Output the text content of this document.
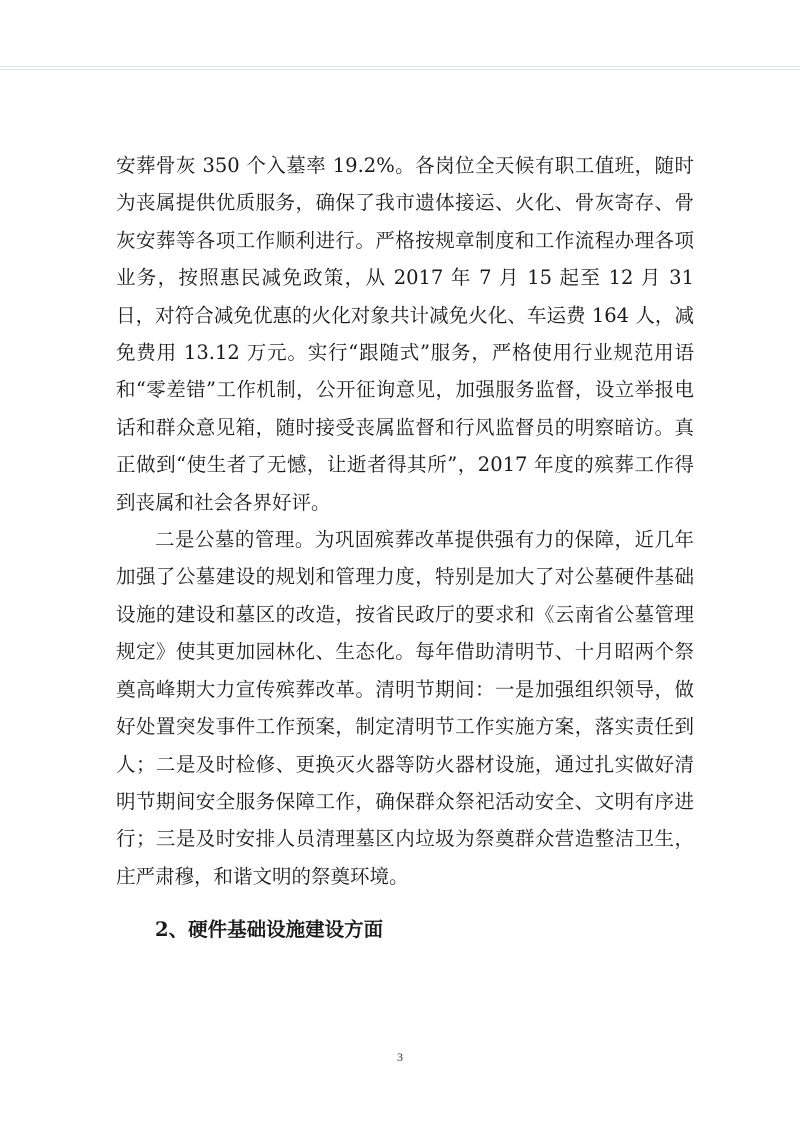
安葬骨灰 350 个入墓率 19.2%。各岗位全天候有职工值班，随时为丧属提供优质服务，确保了我市遗体接运、火化、骨灰寄存、骨灰安葬等各项工作顺利进行。严格按规章制度和工作流程办理各项业务，按照惠民减免政策，从 2017 年 7 月 15 起至 12 月 31 日，对符合减免优惠的火化对象共计减免火化、车运费 164 人，减免费用 13.12 万元。实行“跟随式”服务，严格使用行业规范用语和“零差错”工作机制，公开征询意见，加强服务监督，设立举报电话和群众意见箱，随时接受丧属监督和行风监督员的明察暗访。真正做到“使生者了无憾，让逝者得其所”，2017 年度的殡葬工作得到丧属和社会各界好评。

二是公墓的管理。为巩固殡葬改革提供强有力的保障，近几年加强了公墓建设的规划和管理力度，特别是加大了对公墓硬件基础设施的建设和墓区的改造，按省民政厅的要求和《云南省公墓管理规定》使其更加园林化、生态化。每年借助清明节、十月昭两个祭奠高峰期大力宣传殡葬改革。清明节期间：一是加强组织领导，做好处置突发事件工作预案，制定清明节工作实施方案，落实责任到人；二是及时检修、更换灭火器等防火器材设施，通过扎实做好清明节期间安全服务保障工作，确保群众祭祀活动安全、文明有序进行；三是及时安排人员清理墓区内垃圾为祭奠群众营造整洁卫生，庄严肃穆，和谐文明的祭奠环境。

2、硬件基础设施建设方面
3
